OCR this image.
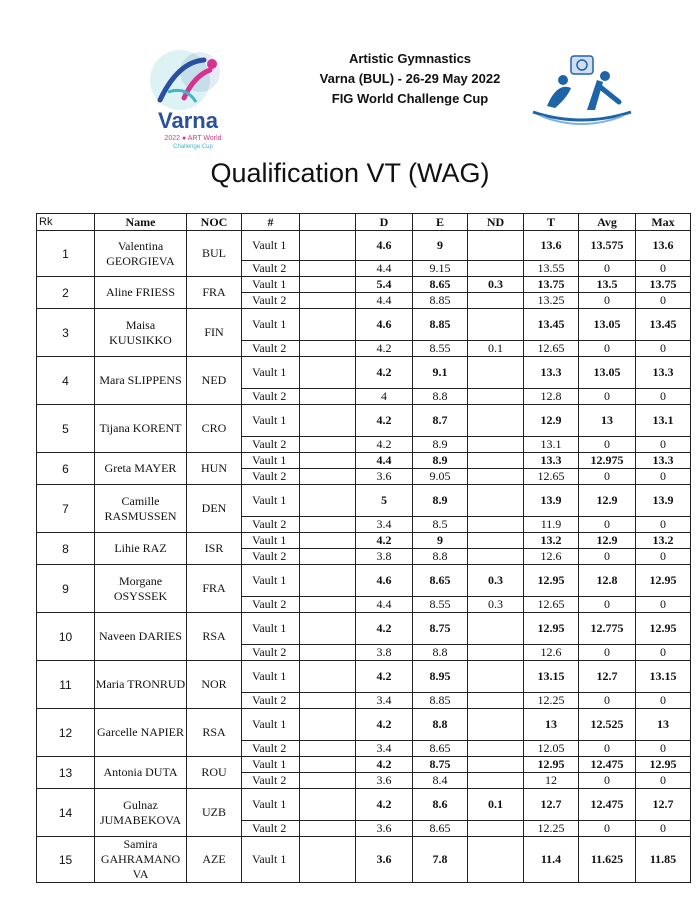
Varna
2022 ● ART World
Challenge Cup
Artistic Gymnastics
Varna (BUL) - 26-29 May 2022
FIG World Challenge Cup
Qualification VT (WAG)
Rk	Name	NOC	#		D	E	ND	T	Avg	Max
1	Valentina GEORGIEVA	BUL	Vault 1		4.6	9		13.6	13.575	13.6
			Vault 2		4.4	9.15		13.55	0	0
2	Aline FRIESS	FRA	Vault 1		5.4	8.65	0.3	13.75	13.5	13.75
			Vault 2		4.4	8.85		13.25	0	0
3	Maisa KUUSIKKO	FIN	Vault 1		4.6	8.85		13.45	13.05	13.45
			Vault 2		4.2	8.55	0.1	12.65	0	0
4	Mara SLIPPENS	NED	Vault 1		4.2	9.1		13.3	13.05	13.3
			Vault 2		4	8.8		12.8	0	0
5	Tijana KORENT	CRO	Vault 1		4.2	8.7		12.9	13	13.1
			Vault 2		4.2	8.9		13.1	0	0
6	Greta MAYER	HUN	Vault 1		4.4	8.9		13.3	12.975	13.3
			Vault 2		3.6	9.05		12.65	0	0
7	Camille RASMUSSEN	DEN	Vault 1		5	8.9		13.9	12.9	13.9
			Vault 2		3.4	8.5		11.9	0	0
8	Lihie RAZ	ISR	Vault 1		4.2	9		13.2	12.9	13.2
			Vault 2		3.8	8.8		12.6	0	0
9	Morgane OSYSSEK	FRA	Vault 1		4.6	8.65	0.3	12.95	12.8	12.95
			Vault 2		4.4	8.55	0.3	12.65	0	0
10	Naveen DARIES	RSA	Vault 1		4.2	8.75		12.95	12.775	12.95
			Vault 2		3.8	8.8		12.6	0	0
11	Maria TRONRUD	NOR	Vault 1		4.2	8.95		13.15	12.7	13.15
			Vault 2		3.4	8.85		12.25	0	0
12	Garcelle NAPIER	RSA	Vault 1		4.2	8.8		13	12.525	13
			Vault 2		3.4	8.65		12.05	0	0
13	Antonia DUTA	ROU	Vault 1		4.2	8.75		12.95	12.475	12.95
			Vault 2		3.6	8.4		12	0	0
14	Gulnaz JUMABEKOVA	UZB	Vault 1		4.2	8.6	0.1	12.7	12.475	12.7
			Vault 2		3.6	8.65		12.25	0	0
15	Samira GAHRAMANO VA	AZE	Vault 1		3.6	7.8		11.4	11.625	11.85
